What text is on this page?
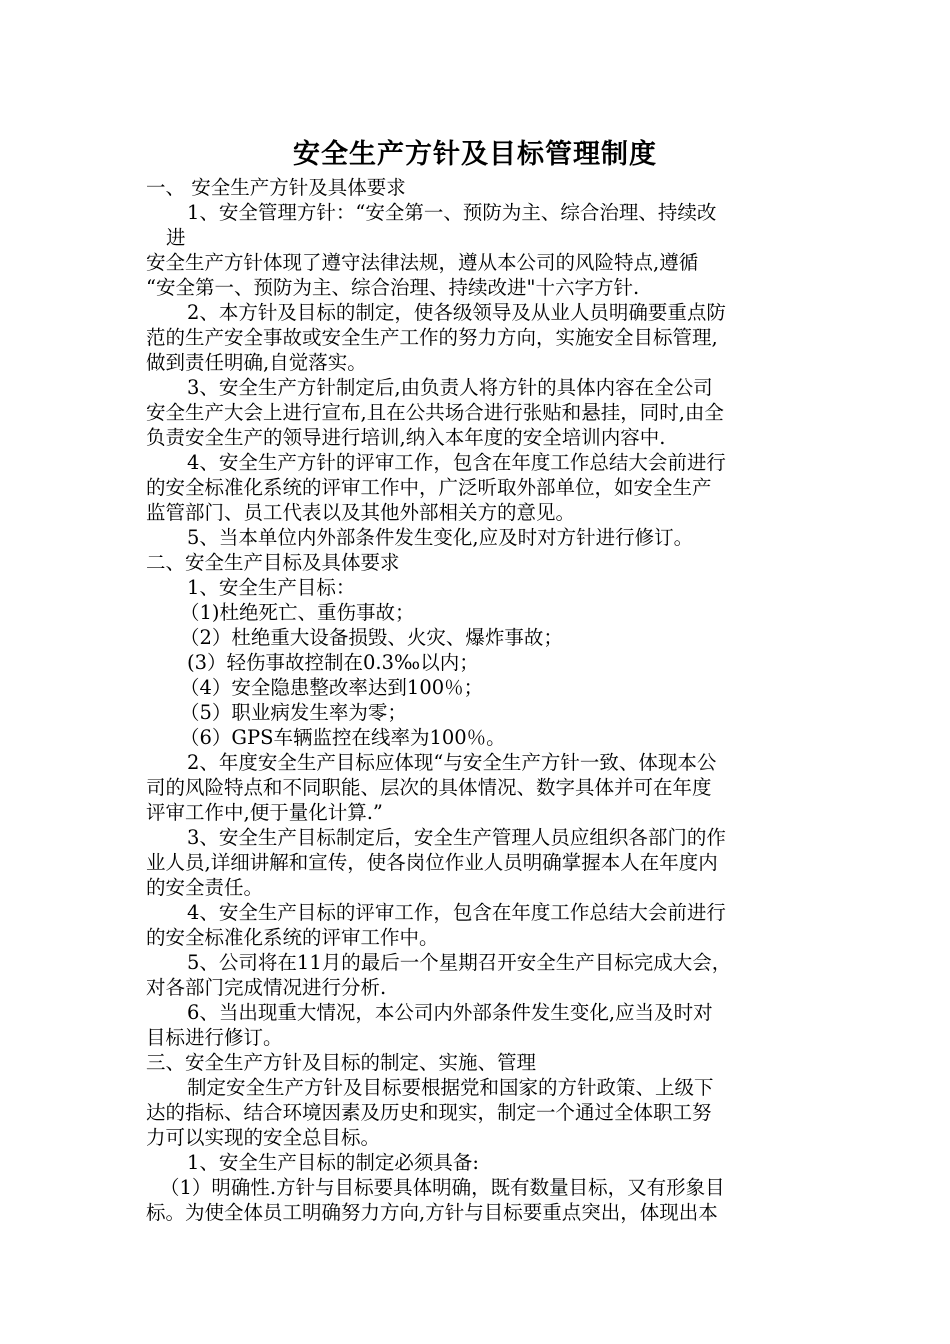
安全生产方针及目标管理制度
一、 安全生产方针及具体要求
1、安全管理方针：“安全第一、预防为主、综合治理、持续改
进
安全生产方针体现了遵守法律法规，遵从本公司的风险特点,遵循
“安全第一、预防为主、综合治理、持续改进"十六字方针.
2、本方针及目标的制定，使各级领导及从业人员明确要重点防
范的生产安全事故或安全生产工作的努力方向，实施安全目标管理,
做到责任明确,自觉落实。
3、安全生产方针制定后,由负责人将方针的具体内容在全公司
安全生产大会上进行宣布,且在公共场合进行张贴和悬挂，同时,由全
负责安全生产的领导进行培训,纳入本年度的安全培训内容中.
4、安全生产方针的评审工作，包含在年度工作总结大会前进行
的安全标准化系统的评审工作中，广泛听取外部单位，如安全生产
监管部门、员工代表以及其他外部相关方的意见。
5、当本单位内外部条件发生变化,应及时对方针进行修订。
二、安全生产目标及具体要求
1、安全生产目标：
（1)杜绝死亡、重伤事故；
（2）杜绝重大设备损毁、火灾、爆炸事故；
(3）轻伤事故控制在0.3‰以内；
（4）安全隐患整改率达到100％；
（5）职业病发生率为零；
（6）GPS车辆监控在线率为100％。
2、年度安全生产目标应体现“与安全生产方针一致、体现本公
司的风险特点和不同职能、层次的具体情况、数字具体并可在年度
评审工作中,便于量化计算.”
3、安全生产目标制定后，安全生产管理人员应组织各部门的作
业人员,详细讲解和宣传，使各岗位作业人员明确掌握本人在年度内
的安全责任。
4、安全生产目标的评审工作，包含在年度工作总结大会前进行
的安全标准化系统的评审工作中。
5、公司将在11月的最后一个星期召开安全生产目标完成大会，
对各部门完成情况进行分析.
6、当出现重大情况，本公司内外部条件发生变化,应当及时对
目标进行修订。
三、安全生产方针及目标的制定、实施、管理
制定安全生产方针及目标要根据党和国家的方针政策、上级下
达的指标、结合环境因素及历史和现实，制定一个通过全体职工努
力可以实现的安全总目标。
1、安全生产目标的制定必须具备:
（1）明确性.方针与目标要具体明确，既有数量目标，又有形象目
标。为使全体员工明确努力方向,方针与目标要重点突出，体现出本
